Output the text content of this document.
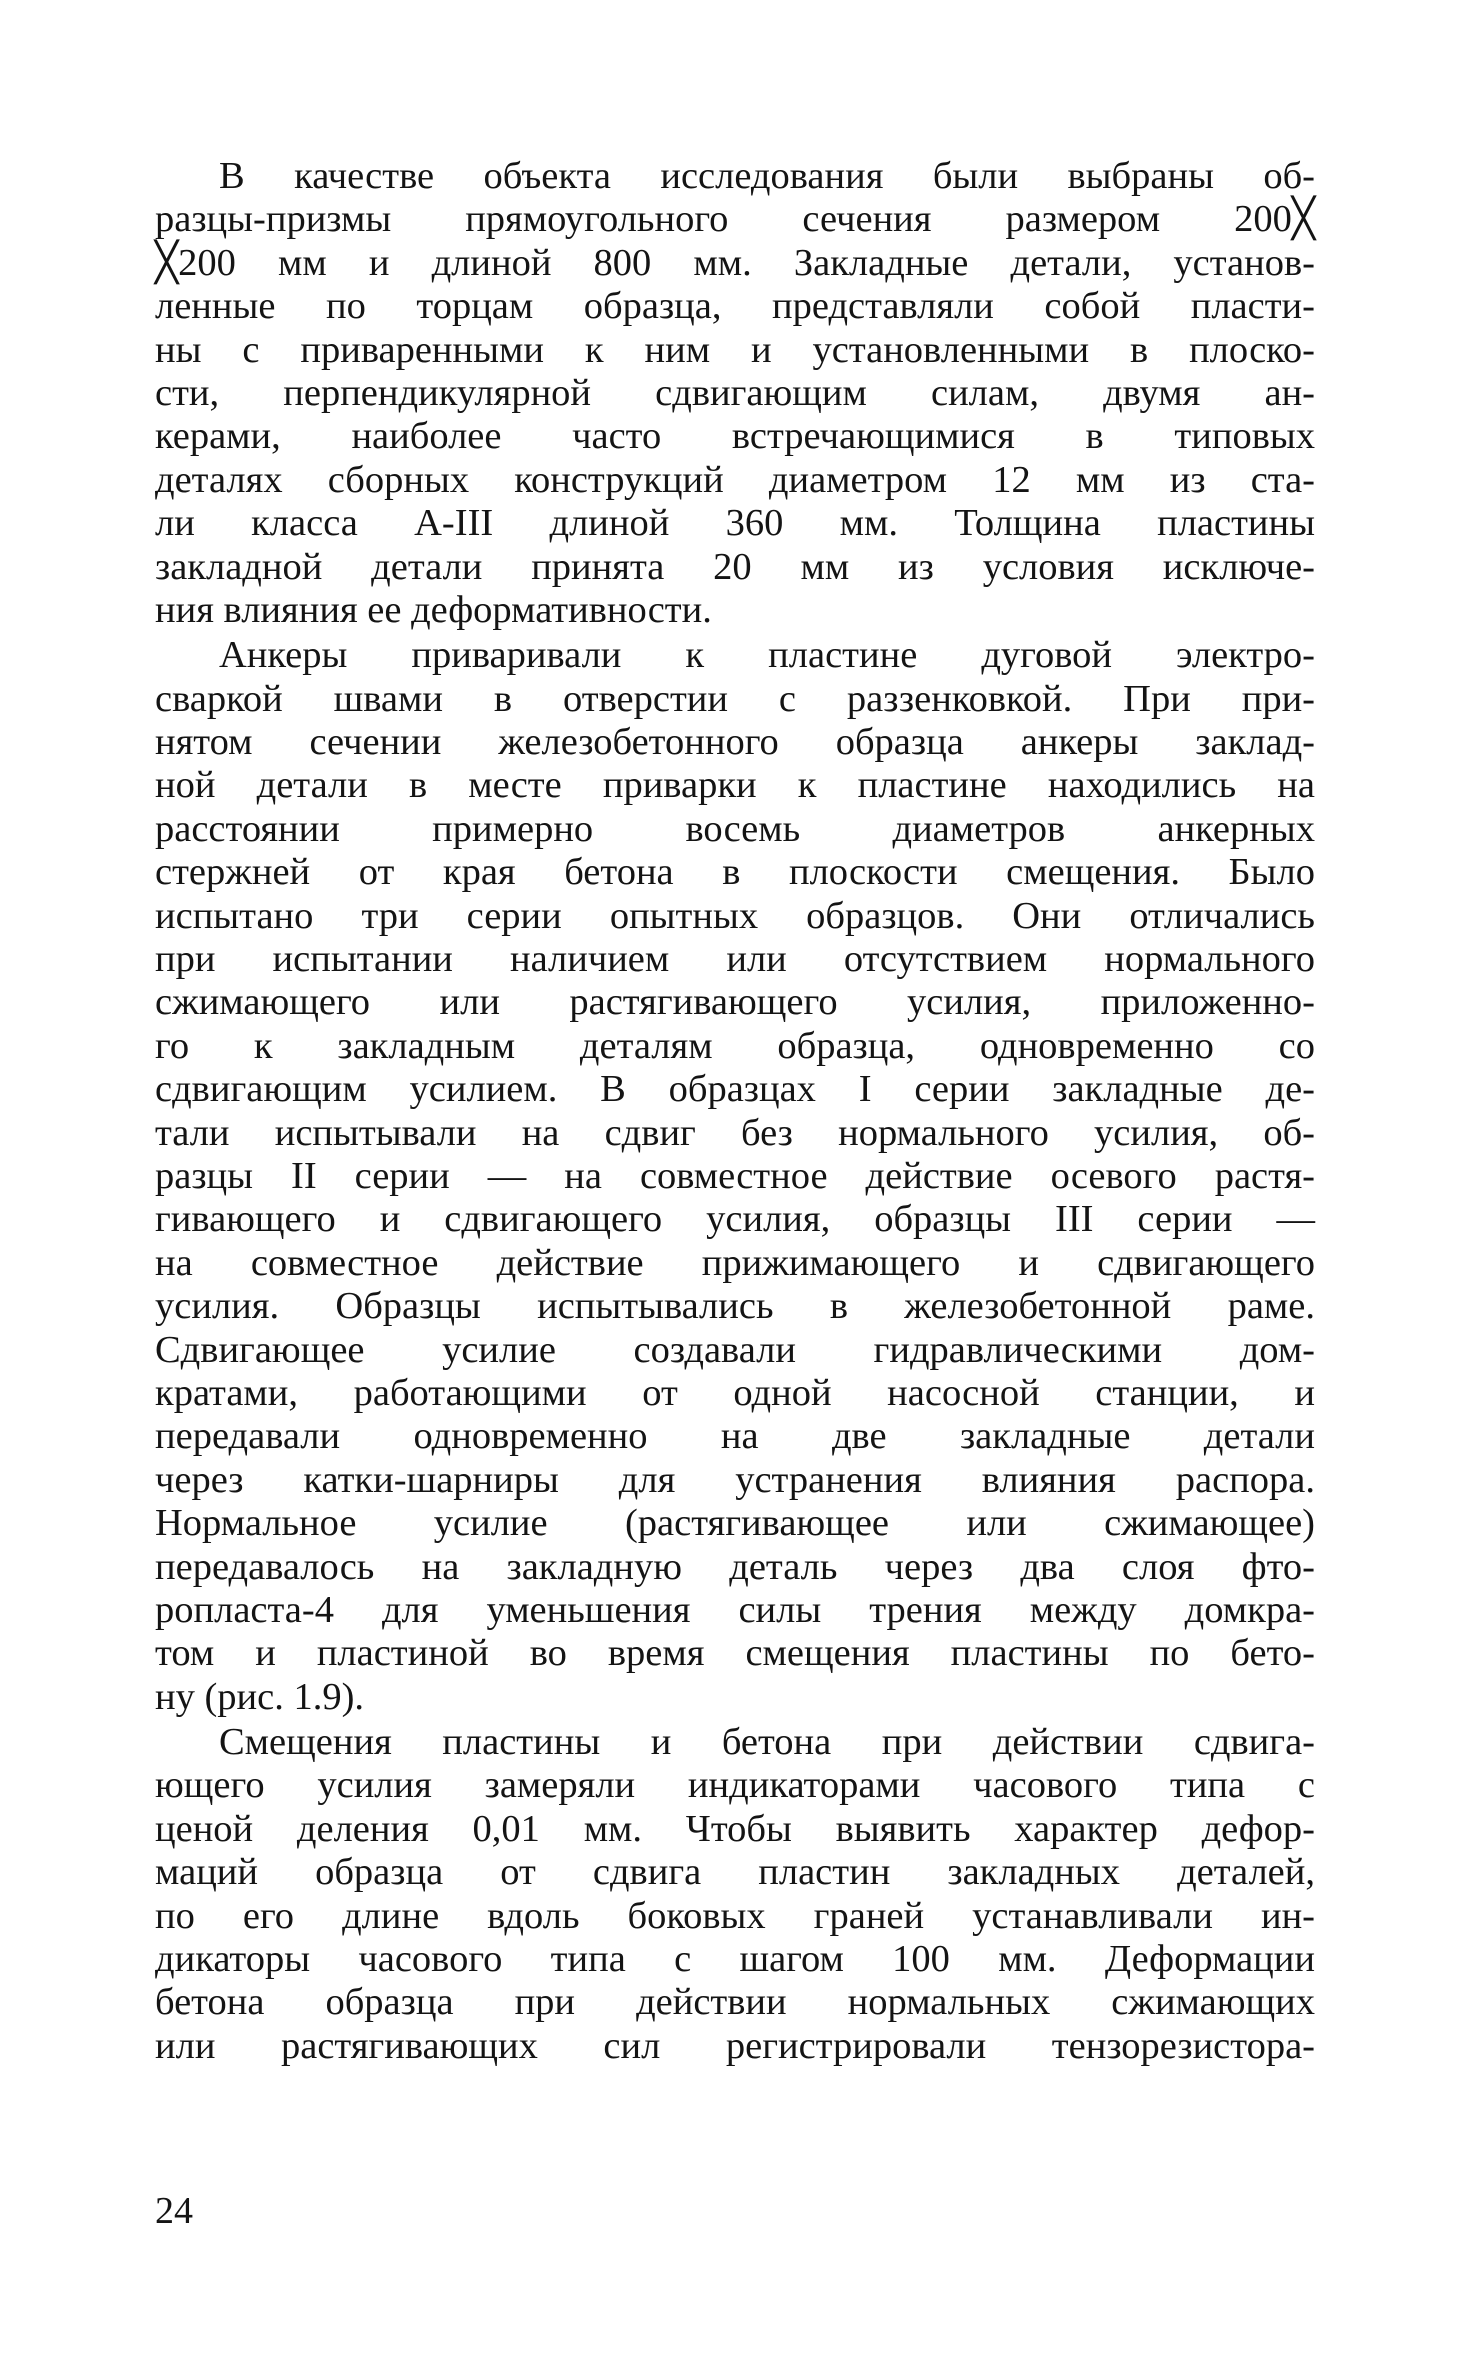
В качестве объекта исследования были выбраны об-
разцы-призмы прямоугольного сечения размером 200╳
╳200 мм и длиной 800 мм. Закладные детали, установ-
ленные по торцам образца, представляли собой пласти-
ны с приваренными к ним и установленными в плоско-
сти, перпендикулярной сдвигающим силам, двумя ан-
керами, наиболее часто встречающимися в типовых
деталях сборных конструкций диаметром 12 мм из ста-
ли класса А-III длиной 360 мм. Толщина пластины
закладной детали принята 20 мм из условия исключе-
ния влияния ее деформативности.
Анкеры приваривали к пластине дуговой электро-
сваркой швами в отверстии с раззенковкой. При при-
нятом сечении железобетонного образца анкеры заклад-
ной детали в месте приварки к пластине находились на
расстоянии примерно восемь диаметров анкерных
стержней от края бетона в плоскости смещения. Было
испытано три серии опытных образцов. Они отличались
при испытании наличием или отсутствием нормального
сжимающего или растягивающего усилия, приложенно-
го к закладным деталям образца, одновременно со
сдвигающим усилием. В образцах I серии закладные де-
тали испытывали на сдвиг без нормального усилия, об-
разцы II серии — на совместное действие осевого растя-
гивающего и сдвигающего усилия, образцы III серии —
на совместное действие прижимающего и сдвигающего
усилия. Образцы испытывались в железобетонной раме.
Сдвигающее усилие создавали гидравлическими дом-
кратами, работающими от одной насосной станции, и
передавали одновременно на две закладные детали
через катки-шарниры для устранения влияния распора.
Нормальное усилие (растягивающее или сжимающее)
передавалось на закладную деталь через два слоя фто-
ропласта-4 для уменьшения силы трения между домкра-
том и пластиной во время смещения пластины по бето-
ну (рис. 1.9).
Смещения пластины и бетона при действии сдвига-
ющего усилия замеряли индикаторами часового типа с
ценой деления 0,01 мм. Чтобы выявить характер дефор-
маций образца от сдвига пластин закладных деталей,
по его длине вдоль боковых граней устанавливали ин-
дикаторы часового типа с шагом 100 мм. Деформации
бетона образца при действии нормальных сжимающих
или растягивающих сил регистрировали тензорезистора-
24
